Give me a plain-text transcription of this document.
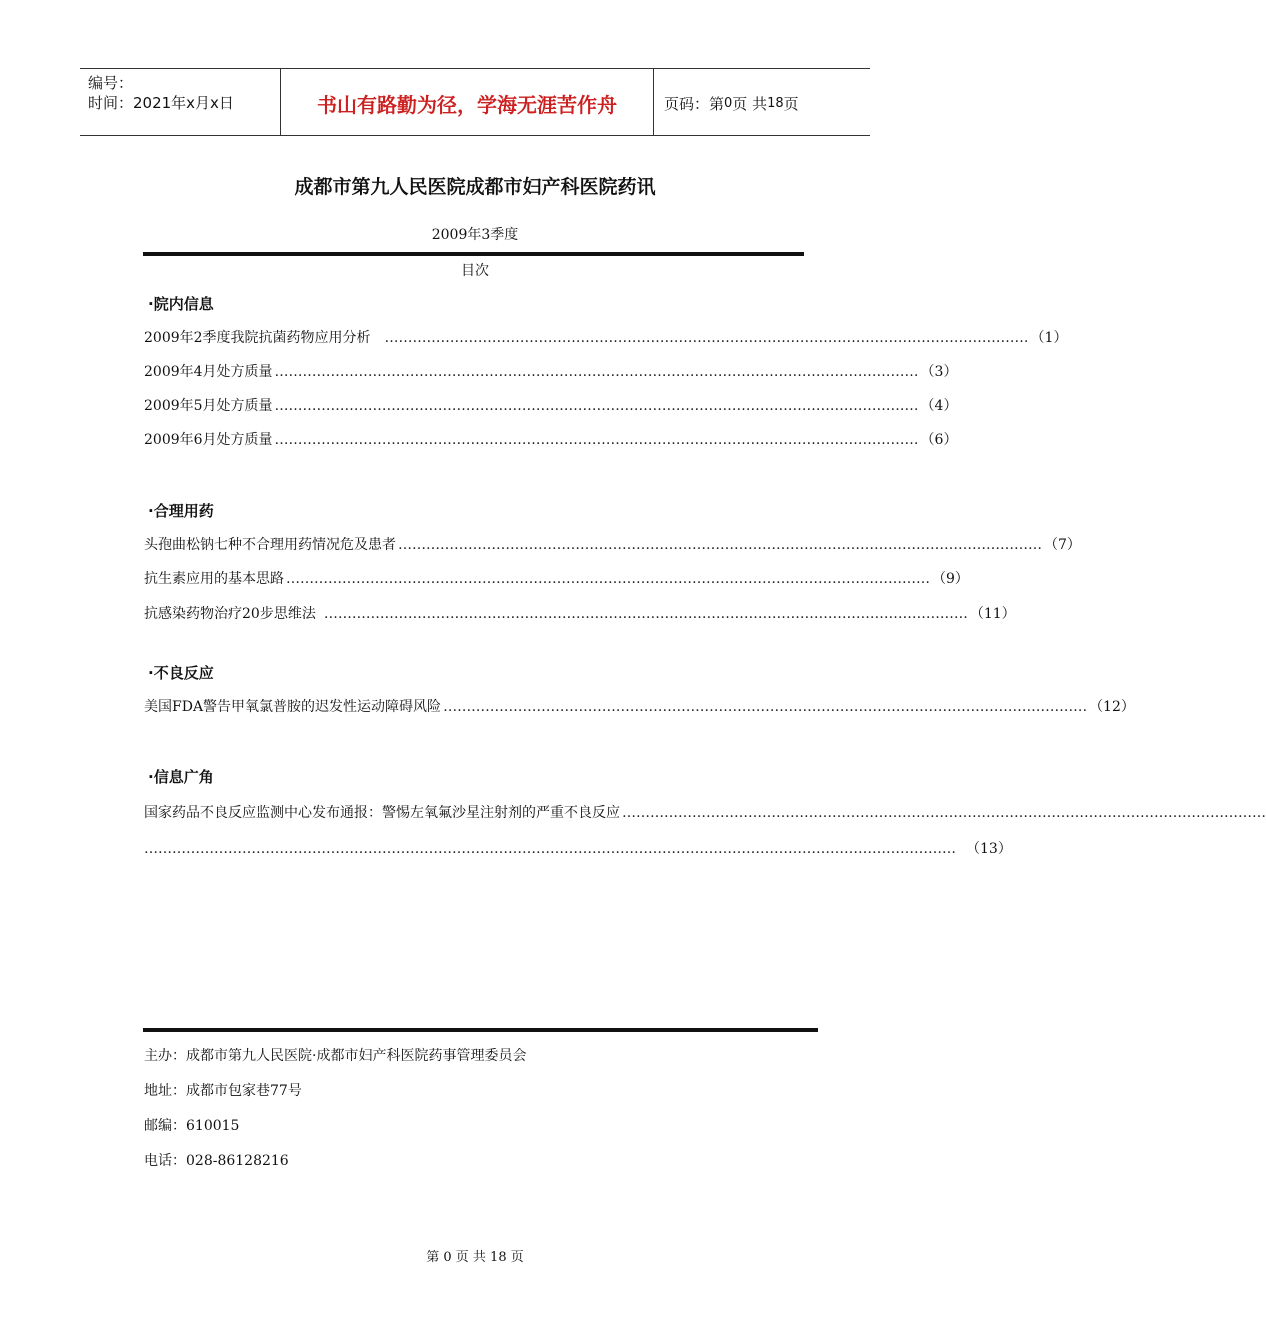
编号：
时间：2021年x月x日	书山有路勤为径，学海无涯苦作舟	页码：第 0 页 共 18 页
成都市第九人民医院成都市妇产科医院药讯
2009年3季度
目次
·院内信息
2009年2季度我院抗菌药物应用分析 ………………………………………………………………………………………………………………………… （1）
2009年4月处方质量 ………………………………………………………………………………………………………………………… （3）
2009年5月处方质量 ………………………………………………………………………………………………………………………… （4）
2009年6月处方质量 ………………………………………………………………………………………………………………………… （6）
·合理用药
头孢曲松钠七种不合理用药情况危及患者 ………………………………………………………………………………………………………………………… （7）
抗生素应用的基本思路 ………………………………………………………………………………………………………………………… （9）
抗感染药物治疗20步思维法 ………………………………………………………………………………………………………………………… （11）
·不良反应
美国FDA警告甲氧氯普胺的迟发性运动障碍风险 ………………………………………………………………………………………………………………………… （12）
·信息广角
国家药品不良反应监测中心发布通报：警惕左氧氟沙星注射剂的严重不良反应 …………………………………………………………………………………………………………………………
………………………………………………………………………………………………………………………………………………………… （13）
主办：成都市第九人民医院·成都市妇产科医院药事管理委员会
地址：成都市包家巷77号
邮编：610015
电话：028-86128216
第 0 页 共 18 页
